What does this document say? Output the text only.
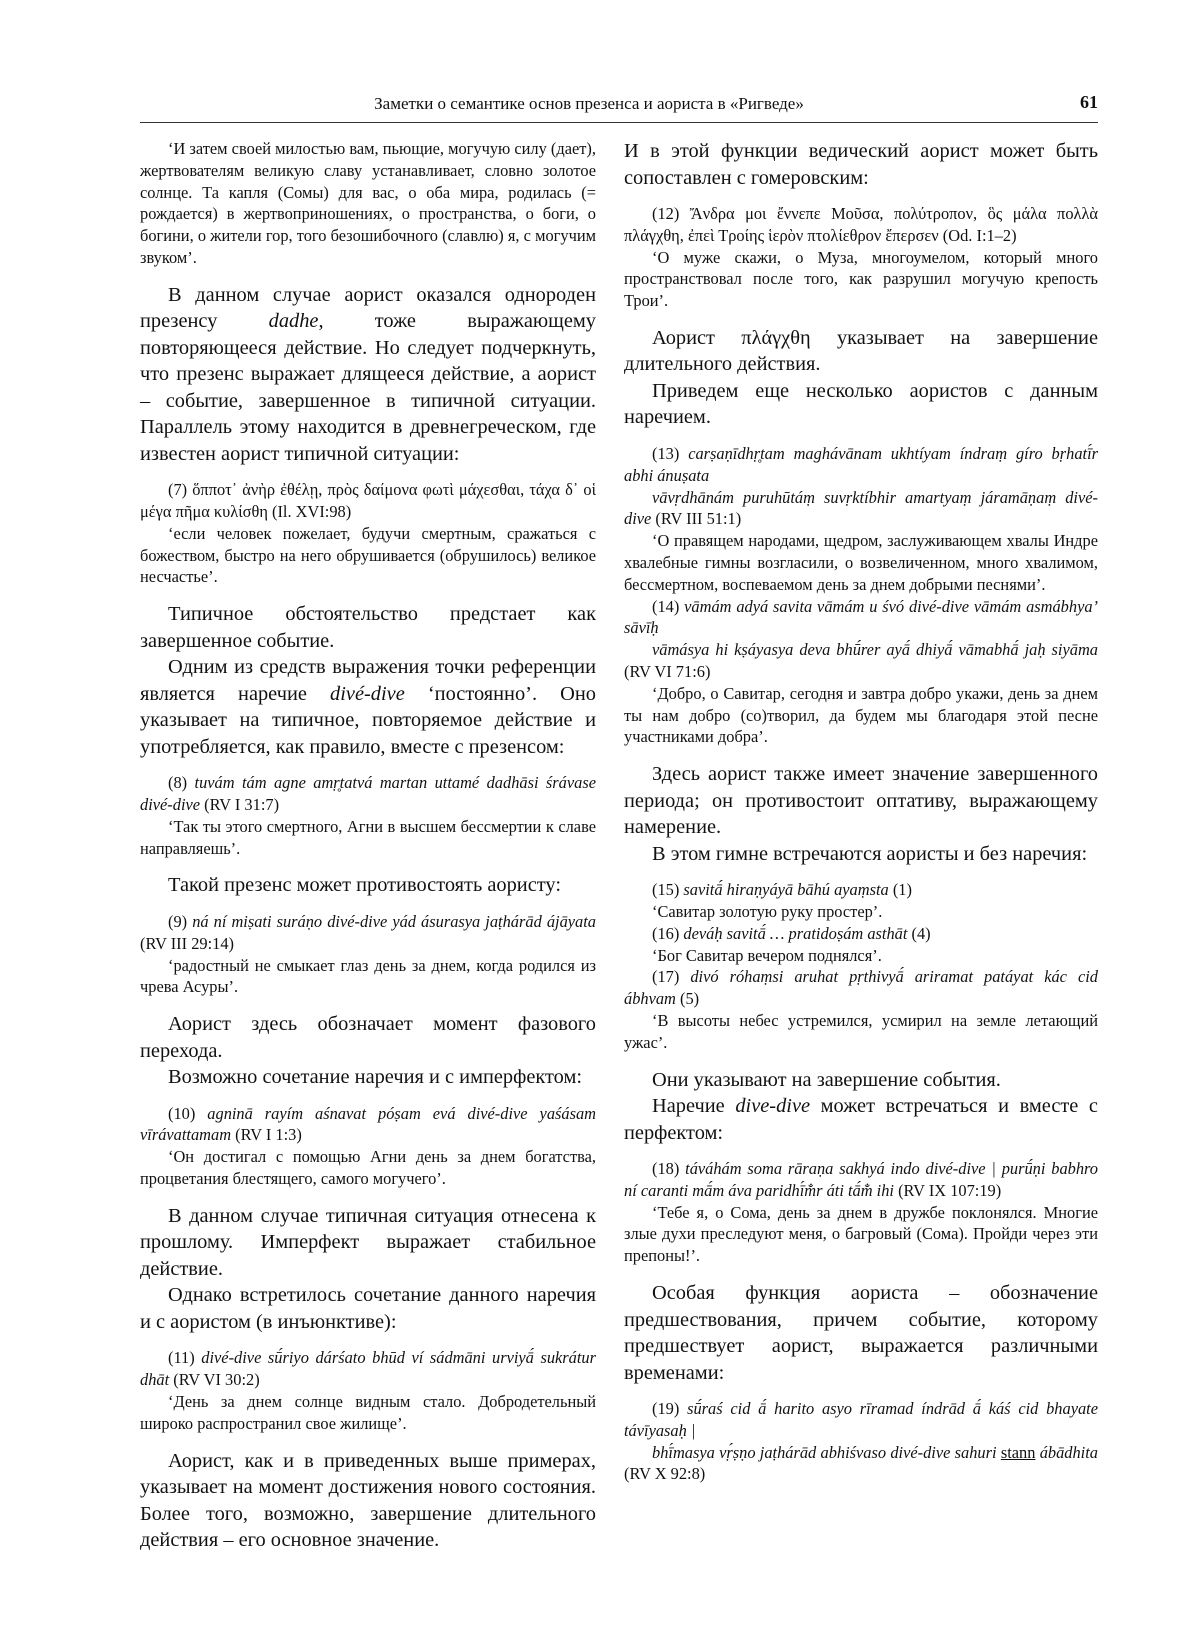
Заметки о семантике основ презенса и аориста в «Ригведе»	61

‘И затем своей милостью вам, пьющие, могучую силу (дает), жертвователям великую славу устанавливает, словно золотое солнце. Та капля (Сомы) для вас, о оба мира, родилась (= рождается) в жертвоприношениях, о пространства, о боги, о богини, о жители гор, того безошибочного (славлю) я, с могучим звуком’.

В данном случае аорист оказался однороден презенсу dadhe, тоже выражающему повторяющееся действие. Но следует подчеркнуть, что презенс выражает длящееся действие, а аорист – событие, завершенное в типичной ситуации. Параллель этому находится в древнегреческом, где известен аорист типичной ситуации:

(7) ὅπποτ᾽ ἀνὴρ ἐθέλῃ, πρὸς δαίμονα φωτὶ μάχεσθαι, τάχα δ᾽ οἱ μέγα πῆμα κυλίσθη (Il. XVI:98)

‘если человек пожелает, будучи смертным, сражаться с божеством, быстро на него обрушивается (обрушилось) великое несчастье’.

Типичное обстоятельство предстает как завершенное событие.

Одним из средств выражения точки референции является наречие divé-dive ‘постоянно’. Оно указывает на типичное, повторяемое действие и употребляется, как правило, вместе с презенсом:

(8) tuvám tám agne amṛ̥tatvá martan uttamé dadhāsi śrávase divé-dive (RV I 31:7)

‘Так ты этого смертного, Агни в высшем бессмертии к славе направляешь’.

Такой презенс может противостоять аористу:

(9) ná ní miṣati suráṇo divé-dive yád ásurasya jaṭhárād ájāyata (RV III 29:14)

‘радостный не смыкает глаз день за днем, когда родился из чрева Асуры’.

Аорист здесь обозначает момент фазового перехода.

Возможно сочетание наречия и с имперфектом:

(10) agninā rayím aśnavat póṣam evá divé-dive yaśásam vīrávattamam (RV I 1:3)

‘Он достигал с помощью Агни день за днем богатства, процветания блестящего, самого могучего’.

В данном случае типичная ситуация отнесена к прошлому. Имперфект выражает стабильное действие.

Однако встретилось сочетание данного наречия и с аористом (в инъюнктиве):

(11) divé-dive sū́riyo dárśato bhūd ví sádmāni urviyā́ sukrátur dhāt (RV VI 30:2)

‘День за днем солнце видным стало. Добродетельный широко распространил свое жилище’.

Аорист, как и в приведенных выше примерах, указывает на момент достижения нового состояния. Более того, возможно, завершение длительного действия – его основное значение.

И в этой функции ведический аорист может быть сопоставлен с гомеровским:

(12) Ἄνδρα μοι ἔννεπε Μοῦσα, πολύτροπον, ὃς μάλα πολλὰ πλάγχθη, ἐπεὶ Τροίης ἱερὸν πτολίεθρον ἔπερσεν (Od. I:1–2)

‘О муже скажи, о Муза, многоумелом, который много пространствовал после того, как разрушил могучую крепость Трои’.

Аорист πλάγχθη указывает на завершение длительного действия.

Приведем еще несколько аористов с данным наречием.

(13) carṣaṇīdhṛ̥tam maghávānam ukhtíyam índraṃ gíro bṛhatī́r abhi ánuṣata

vāvṛdhānám puruhūtáṃ suvṛktíbhir amartyaṃ járamāṇaṃ divé-dive (RV III 51:1)

‘О правящем народами, щедром, заслуживающем хвалы Индре хвалебные гимны возгласили, о возвеличенном, много хвалимом, бессмертном, воспеваемом день за днем добрыми песнями’.

(14) vāmám adyá savita vāmám u śvó divé-dive vāmám asmábhya’ sāvīḥ

vāmásya hi kṣáyasya deva bhū́rer ayā́ dhiyā́ vāmabhā́ jaḥ siyāma (RV VI 71:6)

‘Добро, о Савитар, сегодня и завтра добро укажи, день за днем ты нам добро (со)творил, да будем мы благодаря этой песне участниками добра’.

Здесь аорист также имеет значение завершенного периода; он противостоит оптативу, выражающему намерение.

В этом гимне встречаются аористы и без наречия:

(15) savitā́ hiraṇyáyā bāhú ayaṃsta (1)

‘Савитар золотую руку простер’.

(16) deváḥ savitā́ … pratidoṣám asthāt (4)

‘Бог Савитар вечером поднялся’.

(17) divó róhaṃsi aruhat pṛthivyā́ ariramat patáyat kác cid ábhvam (5)

‘В высоты небес устремился, усмирил на земле летающий ужас’.

Они указывают на завершение события.

Наречие dive-dive может встречаться и вместе с перфектом:

(18) táváhám soma rāraṇa sakhyá indo divé-dive | purū́ṇi babhro ní caranti mā́m áva paridhī́m̐r áti tā́m̐ ihi (RV IX 107:19)

‘Тебе я, о Сома, день за днем в дружбе поклонялся. Многие злые духи преследуют меня, о багровый (Сома). Пройди через эти препоны!’.

Особая функция аориста – обозначение предшествования, причем событие, которому предшествует аорист, выражается различными временами:

(19) sū́raś cid ā́ harito asyo rīramad índrād ā́ káś cid bhayate távīyasaḥ |

bhī́masya vṛ́ṣṇo jaṭhárād abhiśvaso divé-dive sahuri stann ábādhita (RV X 92:8)
